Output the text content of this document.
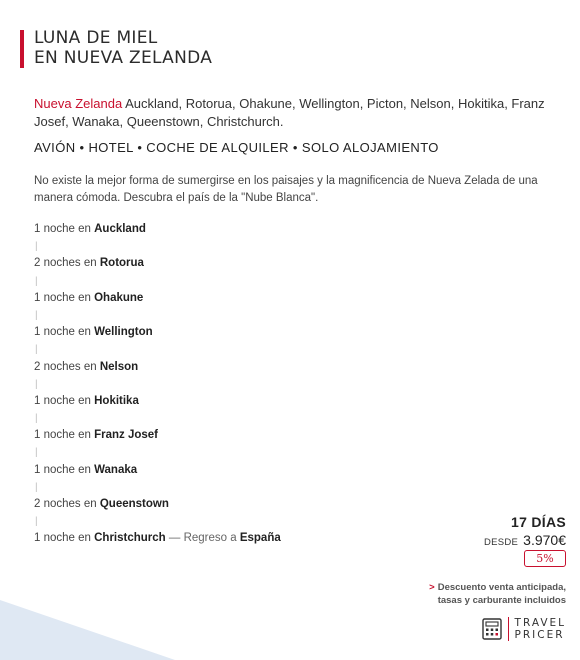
LUNA DE MIEL
EN NUEVA ZELANDA
Nueva Zelanda Auckland, Rotorua, Ohakune, Wellington, Picton, Nelson, Hokitika, Franz Josef, Wanaka, Queenstown, Christchurch.
AVIÓN • HOTEL • COCHE DE ALQUILER • SOLO ALOJAMIENTO
No existe la mejor forma de sumergirse en los paisajes y la magnificencia de Nueva Zelada de una manera cómoda. Descubra el país de la "Nube Blanca".
1 noche en Auckland
|
2 noches en Rotorua
|
1 noche en Ohakune
|
1 noche en Wellington
|
2 noches en Nelson
|
1 noche en Hokitika
|
1 noche en Franz Josef
|
1 noche en Wanaka
|
2 noches en Queenstown
|
1 noche en Christchurch — Regreso a España
17 DÍAS
DESDE 3.970€
5%
> Descuento venta anticipada,
tasas y carburante incluidos
TRAVEL
PRICER
